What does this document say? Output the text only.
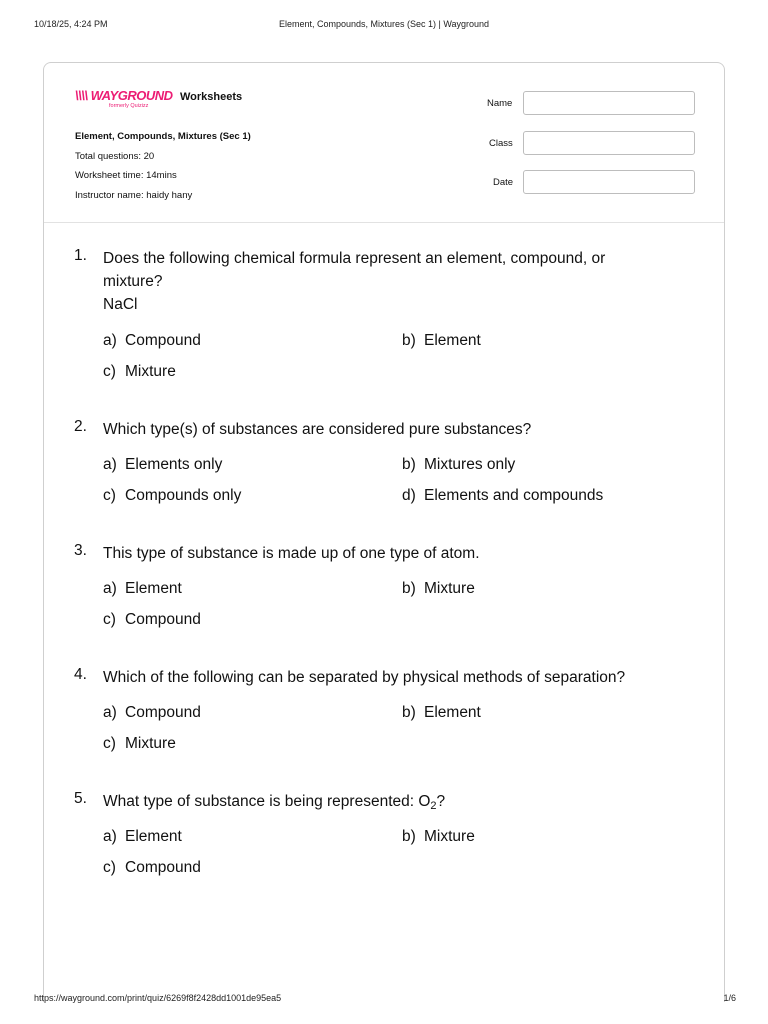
10/18/25, 4:24 PM	Element, Compounds, Mixtures (Sec 1) | Wayground
\\\\ WAYGROUND
formerly Quizizz
Worksheets
Element, Compounds, Mixtures (Sec 1)
Total questions: 20
Worksheet time: 14mins
Instructor name: haidy hany
Name
Class
Date
1. Does the following chemical formula represent an element, compound, or mixture?
NaCl
a) Compound	b) Element
c) Mixture
2. Which type(s) of substances are considered pure substances?
a) Elements only	b) Mixtures only
c) Compounds only	d) Elements and compounds
3. This type of substance is made up of one type of atom.
a) Element	b) Mixture
c) Compound
4. Which of the following can be separated by physical methods of separation?
a) Compound	b) Element
c) Mixture
5. What type of substance is being represented: O2?
a) Element	b) Mixture
c) Compound
https://wayground.com/print/quiz/6269f8f2428dd1001de95ea5	1/6
